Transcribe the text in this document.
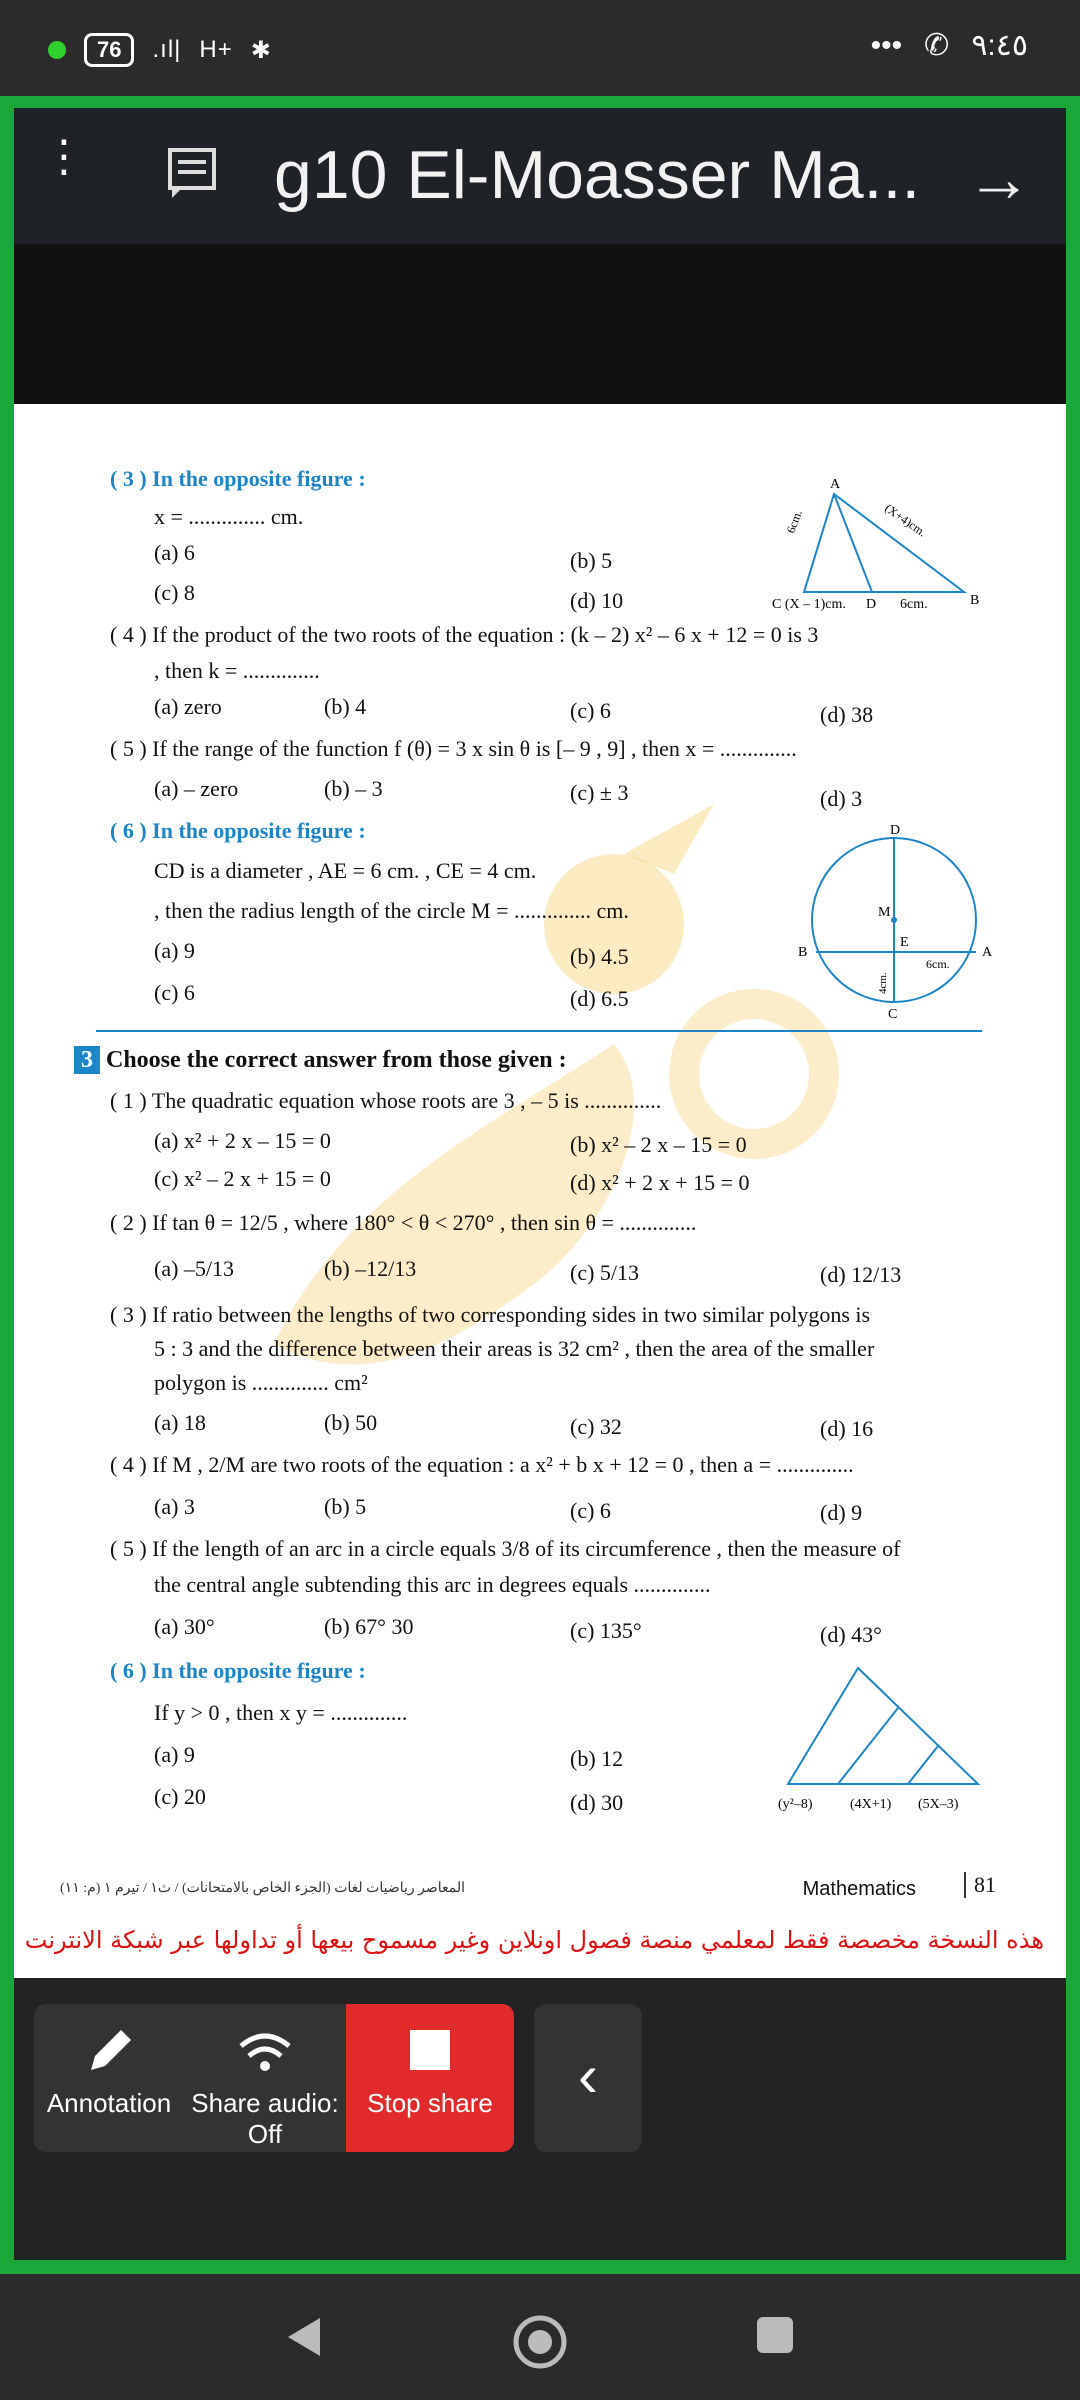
76	.ıl| H+ ✱	••• ✆ ٩:٤٥
⋮	g10 El-Moasser Ma... →
( 3 ) In the opposite figure :
x = .............. cm.
(a) 6	(b) 5
(c) 8	(d) 10
A
B
C (X – 1)cm. D
6cm.	(X+4)cm.
6cm.
( 4 ) If the product of the two roots of the equation : (k – 2) x² – 6 x + 12 = 0 is 3
, then k = ..............
(a) zero	(b) 4	(c) 6	(d) 38
( 5 ) If the range of the function f (θ) = 3 x sin θ is [– 9 , 9] , then x = ..............
(a) – zero	(b) – 3	(c) ± 3	(d) 3
( 6 ) In the opposite figure :
CD is a diameter , AE = 6 cm. , CE = 4 cm.
, then the radius length of the circle M = .............. cm.
(a) 9	(b) 4.5
(c) 6	(d) 6.5
D
M
E
B	A
C
6cm.
4cm.
3 Choose the correct answer from those given :
( 1 ) The quadratic equation whose roots are 3 , – 5 is ..............
(a) x² + 2 x – 15 = 0	(b) x² – 2 x – 15 = 0
(c) x² – 2 x + 15 = 0	(d) x² + 2 x + 15 = 0
( 2 ) If tan θ = 12/5 , where 180° < θ < 270° , then sin θ = ..............
(a) –5/13	(b) –12/13	(c) 5/13	(d) 12/13
( 3 ) If ratio between the lengths of two corresponding sides in two similar polygons is
5 : 3 and the difference between their areas is 32 cm² , then the area of the smaller
polygon is .............. cm²
(a) 18	(b) 50	(c) 32	(d) 16
( 4 ) If M , 2/M are two roots of the equation : a x² + b x + 12 = 0 , then a = ..............
(a) 3	(b) 5	(c) 6	(d) 9
( 5 ) If the length of an arc in a circle equals 3/8 of its circumference , then the measure of
the central angle subtending this arc in degrees equals ..............
(a) 30°	(b) 67° 30	(c) 135°	(d) 43°
( 6 ) In the opposite figure :
If y > 0 , then x y = ..............
(a) 9	(b) 12
(c) 20	(d) 30	(y²–8)	(4X+1) (5X–3)
المعاصر رياضيات لغات (الجزء الخاص بالامتحانات) / ث١ / تيرم ١ (م: ١١)	Mathematics	81
هذه النسخة مخصصة فقط لمعلمي منصة فصول اونلاين وغير مسموح بيعها أو تداولها عبر شبكة الانترنت
Annotation Share audio:
Off
Stop share	‹
